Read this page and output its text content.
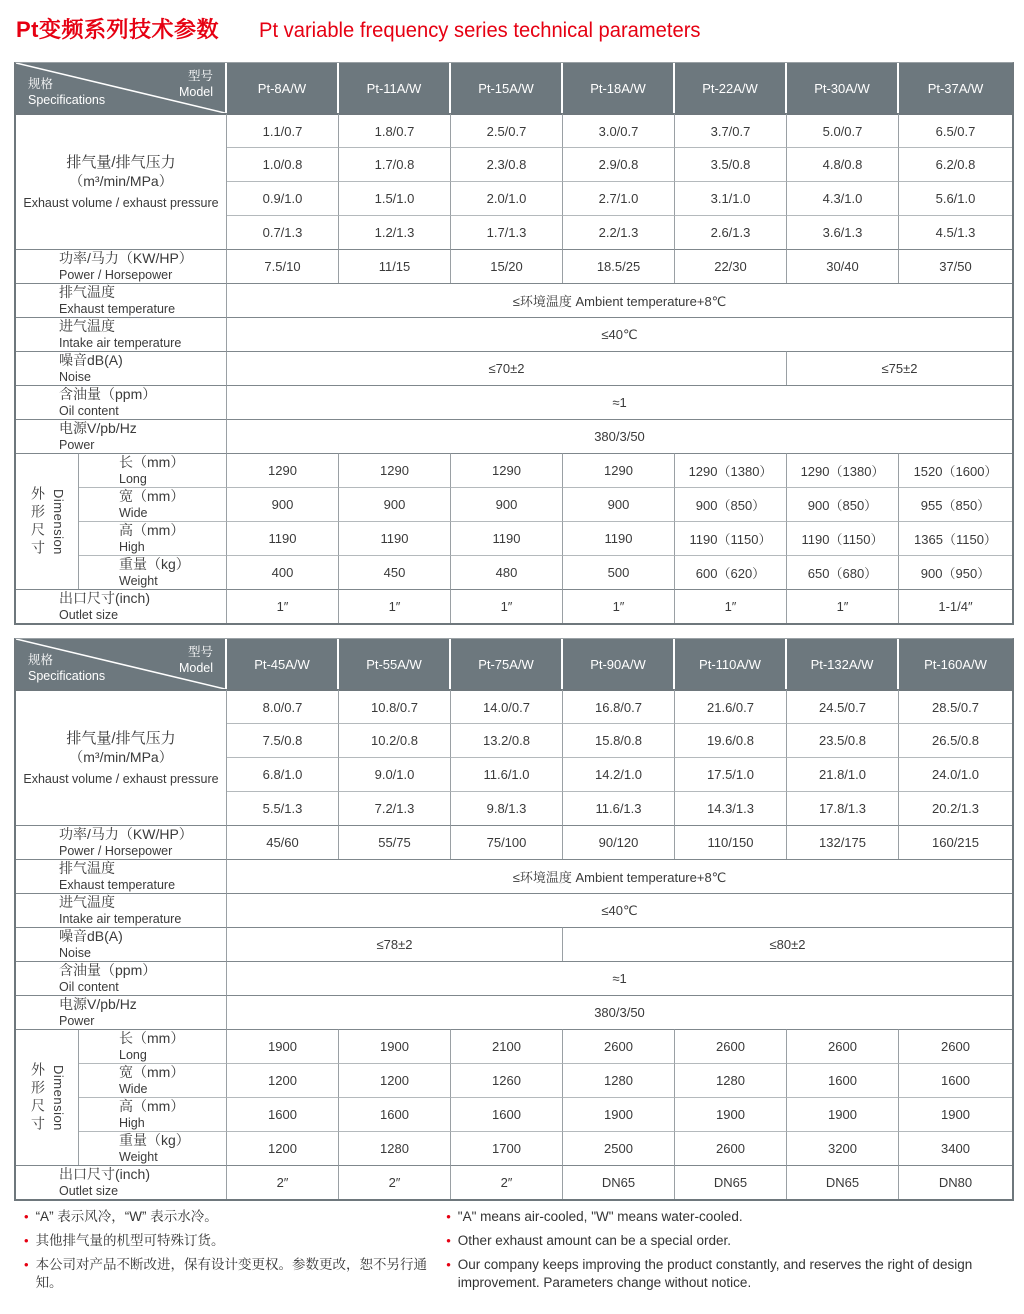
Pt变频系列技术参数 Pt variable frequency series technical parameters
型号
Model
规格
Specifications		Pt-8A/W	Pt-11A/W	Pt-15A/W	Pt-18A/W	Pt-22A/W	Pt-30A/W	Pt-37A/W

排气量/排气压力
（m³/min/MPa）
Exhaust volume / exhaust pressure		1.1/0.7	1.8/0.7	2.5/0.7	3.0/0.7	3.7/0.7	5.0/0.7	6.5/0.7
		1.0/0.8	1.7/0.8	2.3/0.8	2.9/0.8	3.5/0.8	4.8/0.8	6.2/0.8
		0.9/1.0	1.5/1.0	2.0/1.0	2.7/1.0	3.1/1.0	4.3/1.0	5.6/1.0
		0.7/1.3	1.2/1.3	1.7/1.3	2.2/1.3	2.6/1.3	3.6/1.3	4.5/1.3

功率/马力（KW/HP）
Power / Horsepower		7.5/10	11/15	15/20	18.5/25	22/30	30/40	37/50

排气温度
Exhaust temperature		≤环境温度 Ambient temperature+8℃						

进气温度
Intake air temperature		≤40℃						

噪音dB(A)
Noise		≤70±2					≤75±2	

含油量（ppm）
Oil content		≈1						

电源V/pb/Hz
Power		380/3/50						

外形尺寸 Dimension	长（mm）
Long	1290	1290	1290	1290	1290（1380）	1290（1380）	1520（1600）

	宽（mm）
Wide	900	900	900	900	900（850）	900（850）	955（850）

	高（mm）
High	1190	1190	1190	1190	1190（1150）	1190（1150）	1365（1150）

	重量（kg）
Weight	400	450	480	500	600（620）	650（680）	900（950）

出口尺寸(inch)
Outlet size		1″	1″	1″	1″	1″	1″	1-1/4″
型号
Model
规格
Specifications		Pt-45A/W	Pt-55A/W	Pt-75A/W	Pt-90A/W	Pt-110A/W	Pt-132A/W	Pt-160A/W

排气量/排气压力
（m³/min/MPa）
Exhaust volume / exhaust pressure		8.0/0.7	10.8/0.7	14.0/0.7	16.8/0.7	21.6/0.7	24.5/0.7	28.5/0.7
		7.5/0.8	10.2/0.8	13.2/0.8	15.8/0.8	19.6/0.8	23.5/0.8	26.5/0.8
		6.8/1.0	9.0/1.0	11.6/1.0	14.2/1.0	17.5/1.0	21.8/1.0	24.0/1.0
		5.5/1.3	7.2/1.3	9.8/1.3	11.6/1.3	14.3/1.3	17.8/1.3	20.2/1.3

功率/马力（KW/HP）
Power / Horsepower		45/60	55/75	75/100	90/120	110/150	132/175	160/215

排气温度
Exhaust temperature		≤环境温度 Ambient temperature+8℃						

进气温度
Intake air temperature		≤40℃						

噪音dB(A)
Noise		≤78±2			≤80±2			

含油量（ppm）
Oil content		≈1						

电源V/pb/Hz
Power		380/3/50						

外形尺寸 Dimension	长（mm）
Long	1900	1900	2100	2600	2600	2600	2600

	宽（mm）
Wide	1200	1200	1260	1280	1280	1600	1600

	高（mm）
High	1600	1600	1600	1900	1900	1900	1900

	重量（kg）
Weight	1200	1280	1700	2500	2600	3200	3400

出口尺寸(inch)
Outlet size		2″	2″	2″	DN65	DN65	DN65	DN80
• “A” 表示风冷，“W” 表示水冷。
• 其他排气量的机型可特殊订货。
• 本公司对产品不断改进，保有设计变更权。参数更改，恕不另行通知。
• "A" means air-cooled, "W" means water-cooled.
• Other exhaust amount can be a special order.
• Our company keeps improving the product constantly, and reserves the right of design improvement. Parameters change without notice.
